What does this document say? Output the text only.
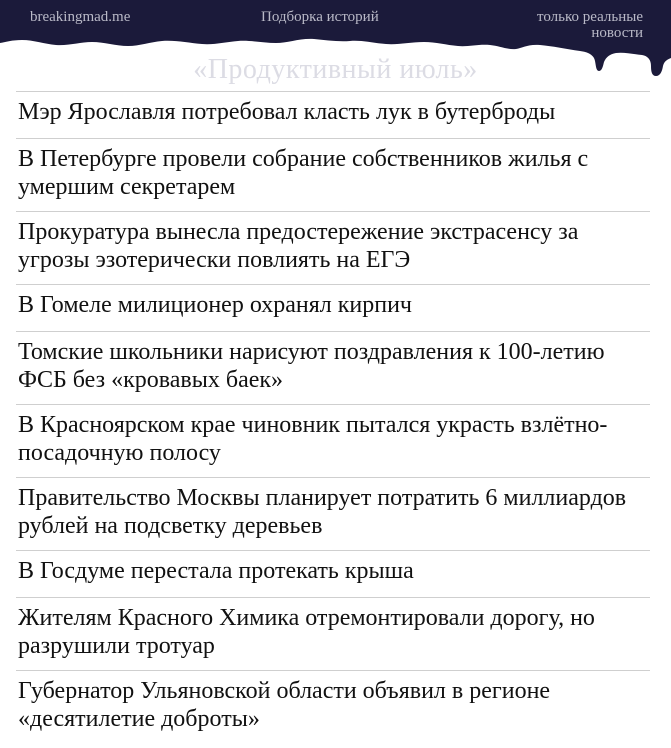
breakingmad.me	Подборка историй	только реальные новости
«Продуктивный июль»
Мэр Ярославля потребовал класть лук в бутерброды
В Петербурге провели собрание собственников жилья с умершим секретарем
Прокуратура вынесла предостережение экстрасенсу за угрозы эзотерически повлиять на ЕГЭ
В Гомеле милиционер охранял кирпич
Томские школьники нарисуют поздравления к 100-летию ФСБ без «кровавых баек»
В Красноярском крае чиновник пытался украсть взлётно-посадочную полосу
Правительство Москвы планирует потратить 6 миллиардов рублей на подсветку деревьев
В Госдуме перестала протекать крыша
Жителям Красного Химика отремонтировали дорогу, но разрушили тротуар
Губернатор Ульяновской области объявил в регионе «десятилетие доброты»
